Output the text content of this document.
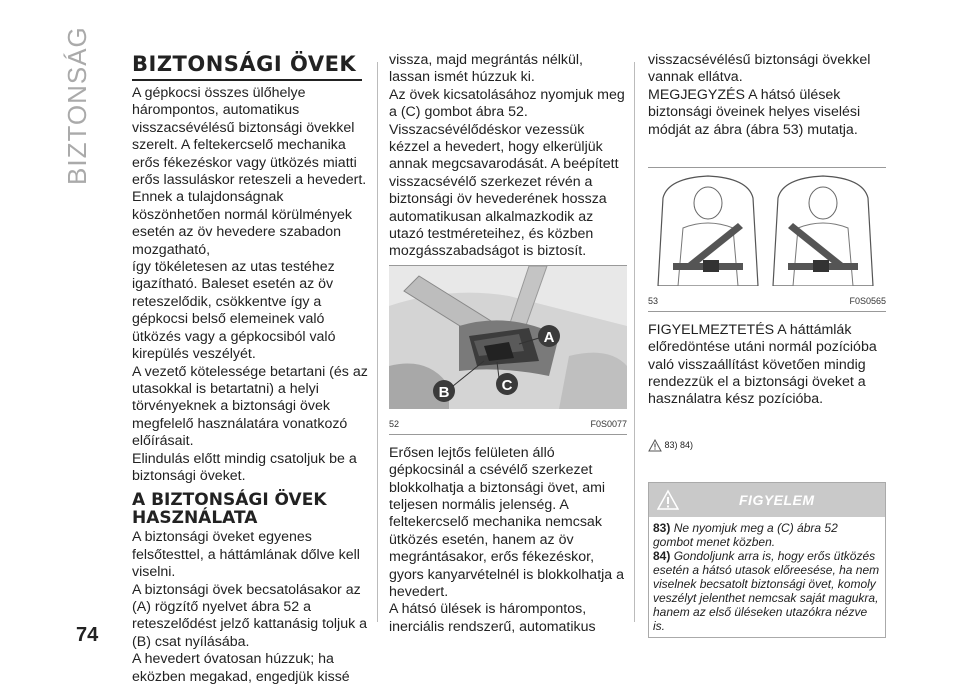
BIZTONSÁG
74
BIZTONSÁGI ÖVEK

A gépkocsi összes ülőhelye hárompontos, automatikus visszacsévélésű biztonsági övekkel szerelt. A feltekercselő mechanika erős fékezéskor vagy ütközés miatti erős lassuláskor reteszeli a hevedert.

Ennek a tulajdonságnak köszönhetően normál körülmények esetén az öv hevedere szabadon mozgatható,

így tökéletesen az utas testéhez igazítható. Baleset esetén az öv reteszelődik, csökkentve így a gépkocsi belső elemeinek való ütközés vagy a gépkocsiból való kirepülés veszélyét.

A vezető kötelessége betartani (és az utasokkal is betartatni) a helyi törvényeknek a biztonsági övek megfelelő használatára vonatkozó előírásait.

Elindulás előtt mindig csatoljuk be a biztonsági öveket.

A BIZTONSÁGI ÖVEK HASZNÁLATA

A biztonsági öveket egyenes felsőtesttel, a háttámlának dőlve kell viselni.

A biztonsági övek becsatolásakor az (A) rögzítő nyelvet ábra 52 a reteszelődést jelző kattanásig toljuk a (B) csat nyílásába.

A hevedert óvatosan húzzuk; ha eközben megakad, engedjük kissé

vissza, majd megrántás nélkül, lassan ismét húzzuk ki.

Az övek kicsatolásához nyomjuk meg a (C) gombot ábra 52.

Visszacsévélődéskor vezessük kézzel a hevedert, hogy elkerüljük annak megcsavarodását. A beépített visszacsévélő szerkezet révén a biztonsági öv hevederének hossza automatikusan alkalmazkodik az utazó testméreteihez, és közben mozgásszabadságot is biztosít.

A
B	C
52	F0S0077

Erősen lejtős felületen álló gépkocsinál a csévélő szerkezet blokkolhatja a biztonsági övet, ami teljesen normális jelenség. A feltekercselő mechanika nemcsak ütközés esetén, hanem az öv megrántásakor, erős fékezéskor, gyors kanyarvételnél is blokkolhatja a hevedert.

A hátsó ülések is hárompontos, inerciális rendszerű, automatikus

visszacsévélésű biztonsági övekkel vannak ellátva.

MEGJEGYZÉS A hátsó ülések biztonsági öveinek helyes viselési módját az ábra (ábra 53) mutatja.

53	F0S0565

FIGYELMEZTETÉS A háttámlák előredöntése utáni normál pozícióba való visszaállítást követően mindig rendezzük el a biztonsági öveket a használatra kész pozícióba.

83) 84)

FIGYELEM
83) Ne nyomjuk meg a (C) ábra 52 gombot menet közben.
84) Gondoljunk arra is, hogy erős ütközés esetén a hátsó utasok előreesése, ha nem viselnek becsatolt biztonsági övet, komoly veszélyt jelenthet nemcsak saját magukra, hanem az első üléseken utazókra nézve is.
